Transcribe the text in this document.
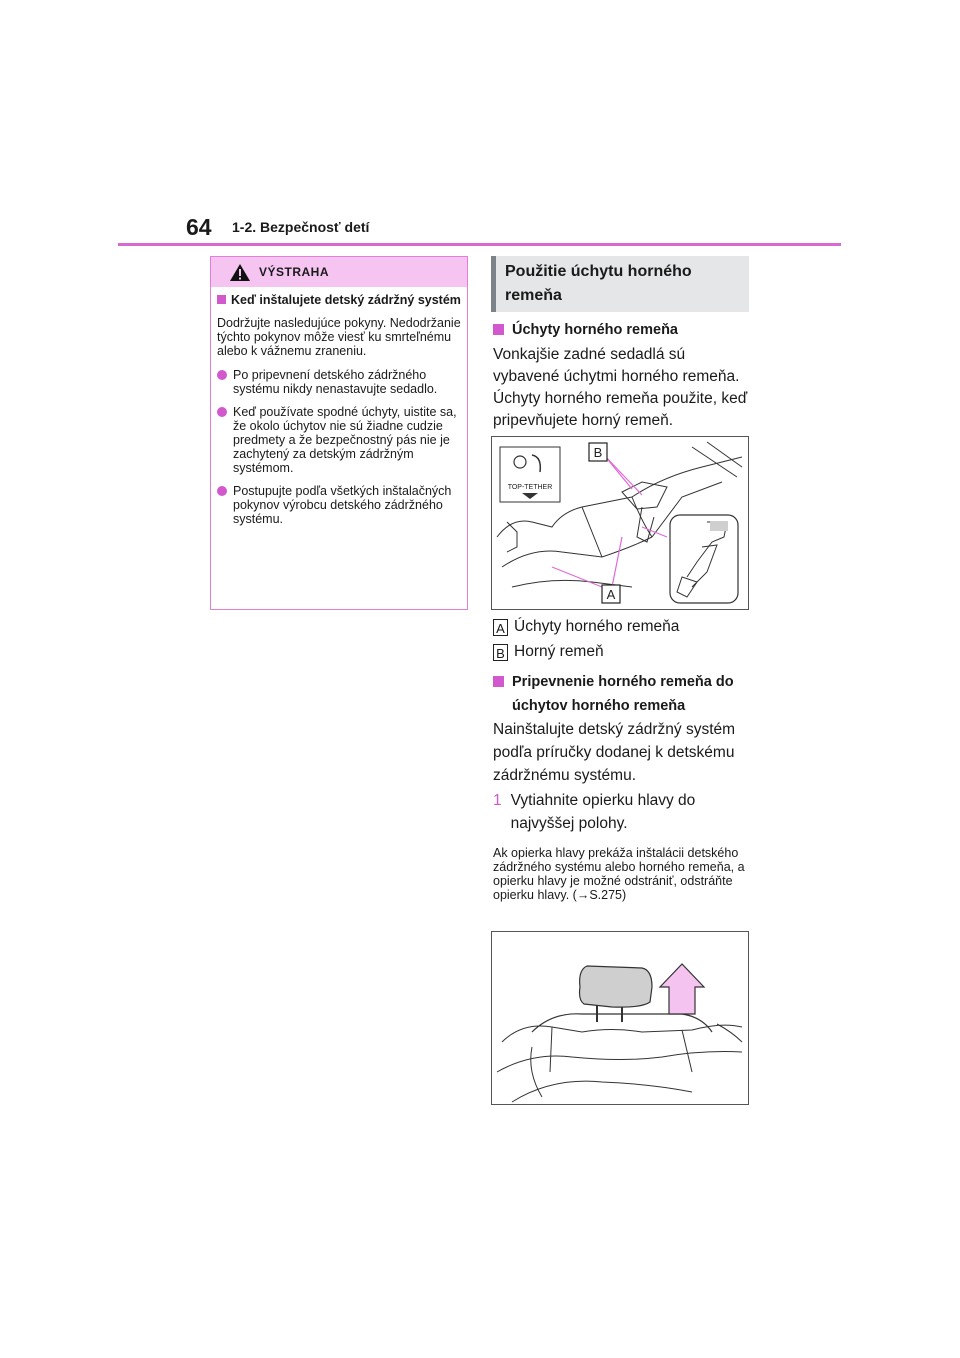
64 1-2. Bezpečnosť detí
VÝSTRAHA
Keď inštalujete detský zádržný systém

Dodržujte nasledujúce pokyny. Nedodržanie týchto pokynov môže viesť ku smrteľnému alebo k vážnemu zraneniu.

Po pripevnení detského zádržného systému nikdy nenastavujte sedadlo.
Keď používate spodné úchyty, uistite sa, že okolo úchytov nie sú žiadne cudzie predmety a že bezpečnostný pás nie je zachytený za detským zádržným systémom.
Postupujte podľa všetkých inštalačných pokynov výrobcu detského zádržného systému.
Použitie úchytu horného remeňa
Úchyty horného remeňa
Vonkajšie zadné sedadlá sú vybavené úchytmi horného remeňa.
Úchyty horného remeňa použite, keď pripevňujete horný remeň.
TOP-TETHER
B
A
A Úchyty horného remeňa
B Horný remeň
Pripevnenie horného remeňa do úchytov horného remeňa
Nainštalujte detský zádržný systém podľa príručky dodanej k detskému zádržnému systému.
1 Vytiahnite opierku hlavy do najvyššej polohy.
Ak opierka hlavy prekáža inštalácii detského zádržného systému alebo horného remeňa, a opierku hlavy je možné odstrániť, odstráňte opierku hlavy. (→S.275)
